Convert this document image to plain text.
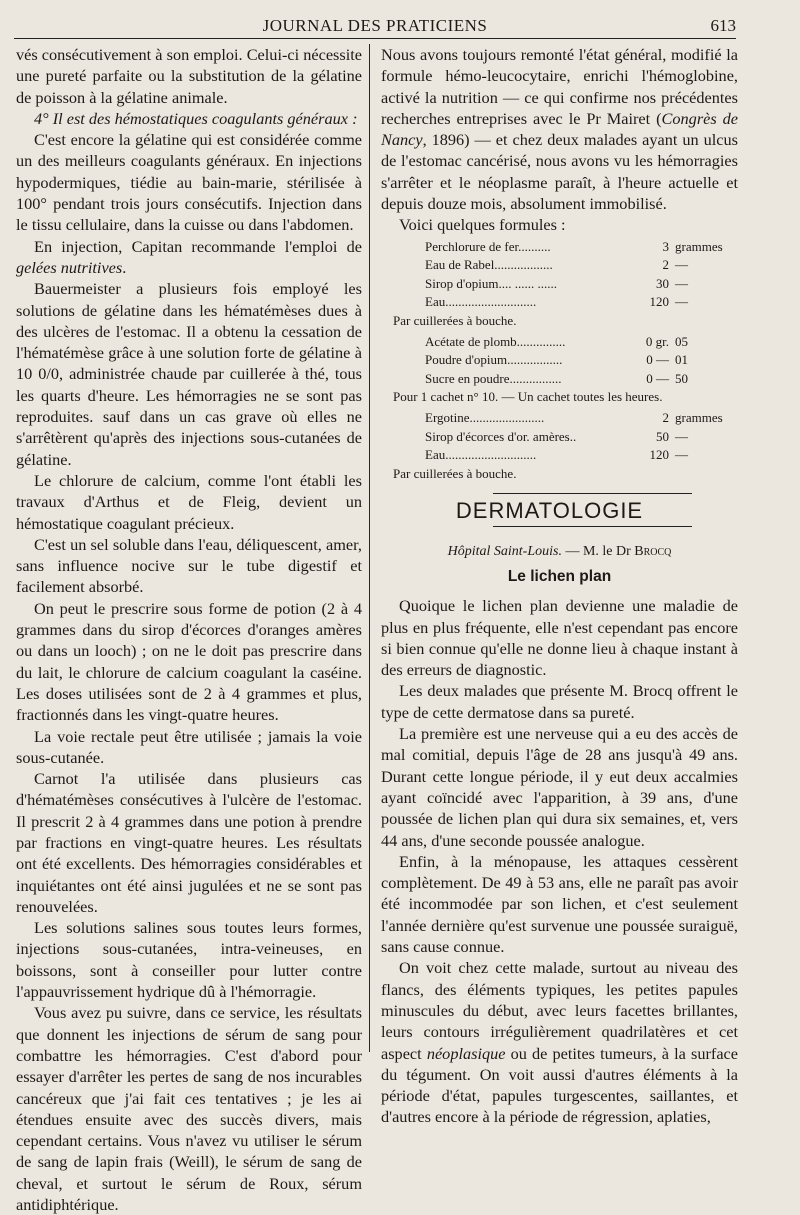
JOURNAL DES PRATICIENS	613

vés consécutivement à son emploi. Celui-ci nécessite une pureté parfaite ou la substitution de la gélatine de poisson à la gélatine animale.

4° Il est des hémostatiques coagulants généraux :

C'est encore la gélatine qui est considérée comme un des meilleurs coagulants généraux. En injections hypodermiques, tiédie au bain-marie, stérilisée à 100° pendant trois jours consécutifs. Injection dans le tissu cellulaire, dans la cuisse ou dans l'abdomen.

En injection, Capitan recommande l'emploi de gelées nutritives.

Bauermeister a plusieurs fois employé les solutions de gélatine dans les hématémèses dues à des ulcères de l'estomac. Il a obtenu la cessation de l'hématémèse grâce à une solution forte de gélatine à 10 0/0, administrée chaude par cuillerée à thé, tous les quarts d'heure. Les hémorragies ne se sont pas reproduites. sauf dans un cas grave où elles ne s'arrêtèrent qu'après des injections sous-cutanées de gélatine.

Le chlorure de calcium, comme l'ont établi les travaux d'Arthus et de Fleig, devient un hémostatique coagulant précieux.

C'est un sel soluble dans l'eau, déliquescent, amer, sans influence nocive sur le tube digestif et facilement absorbé.

On peut le prescrire sous forme de potion (2 à 4 grammes dans du sirop d'écorces d'oranges amères ou dans un looch) ; on ne le doit pas prescrire dans du lait, le chlorure de calcium coagulant la caséine. Les doses utilisées sont de 2 à 4 grammes et plus, fractionnés dans les vingt-quatre heures.

La voie rectale peut être utilisée ; jamais la voie sous-cutanée.

Carnot l'a utilisée dans plusieurs cas d'hématémèses consécutives à l'ulcère de l'estomac. Il prescrit 2 à 4 grammes dans une potion à prendre par fractions en vingt-quatre heures. Les résultats ont été excellents. Des hémorragies considérables et inquiétantes ont été ainsi jugulées et ne se sont pas renouvelées.

Les solutions salines sous toutes leurs formes, injections sous-cutanées, intra-veineuses, en boissons, sont à conseiller pour lutter contre l'appauvrissement hydrique dû à l'hémorragie.

Vous avez pu suivre, dans ce service, les résultats que donnent les injections de sérum de sang pour combattre les hémorragies. C'est d'abord pour essayer d'arrêter les pertes de sang de nos incurables cancéreux que j'ai fait ces tentatives ; je les ai étendues ensuite avec des succès divers, mais cependant certains. Vous n'avez vu utiliser le sérum de sang de lapin frais (Weill), le sérum de sang de cheval, et surtout le sérum de Roux, sérum antidiphtérique.

Nous avons toujours remonté l'état général, modifié la formule hémo-leucocytaire, enrichi l'hémoglobine, activé la nutrition — ce qui confirme nos précédentes recherches entreprises avec le Pr Mairet (Congrès de Nancy, 1896) — et chez deux malades ayant un ulcus de l'estomac cancérisé, nous avons vu les hémorragies s'arrêter et le néoplasme paraît, à l'heure actuelle et depuis douze mois, absolument immobilisé.

Voici quelques formules :

Perchlorure de fer..........	3 grammes
Eau de Rabel..................	2 —
Sirop d'opium.... ...... ......	30 —
Eau............................	120 —
Par cuillerées à bouche.
Acétate de plomb...............	0 gr. 05
Poudre d'opium.................	0 — 01
Sucre en poudre................	0 — 50
Pour 1 cachet n° 10. — Un cachet toutes les heures.
Ergotine.......................	2 grammes
Sirop d'écorces d'or. amères..	50 —
Eau............................	120 —
Par cuillerées à bouche.
DERMATOLOGIE
Hôpital Saint-Louis. — M. le Dr Brocq
Le lichen plan

Quoique le lichen plan devienne une maladie de plus en plus fréquente, elle n'est cependant pas encore si bien connue qu'elle ne donne lieu à chaque instant à des erreurs de diagnostic.

Les deux malades que présente M. Brocq offrent le type de cette dermatose dans sa pureté.

La première est une nerveuse qui a eu des accès de mal comitial, depuis l'âge de 28 ans jusqu'à 49 ans. Durant cette longue période, il y eut deux accalmies ayant coïncidé avec l'apparition, à 39 ans, d'une poussée de lichen plan qui dura six semaines, et, vers 44 ans, d'une seconde poussée analogue.

Enfin, à la ménopause, les attaques cessèrent complètement. De 49 à 53 ans, elle ne paraît pas avoir été incommodée par son lichen, et c'est seulement l'année dernière qu'est survenue une poussée suraiguë, sans cause connue.

On voit chez cette malade, surtout au niveau des flancs, des éléments typiques, les petites papules minuscules du début, avec leurs facettes brillantes, leurs contours irrégulièrement quadrilatères et cet aspect néoplasique ou de petites tumeurs, à la surface du tégument. On voit aussi d'autres éléments à la période d'état, papules turgescentes, saillantes, et d'autres encore à la période de régression, aplaties,
